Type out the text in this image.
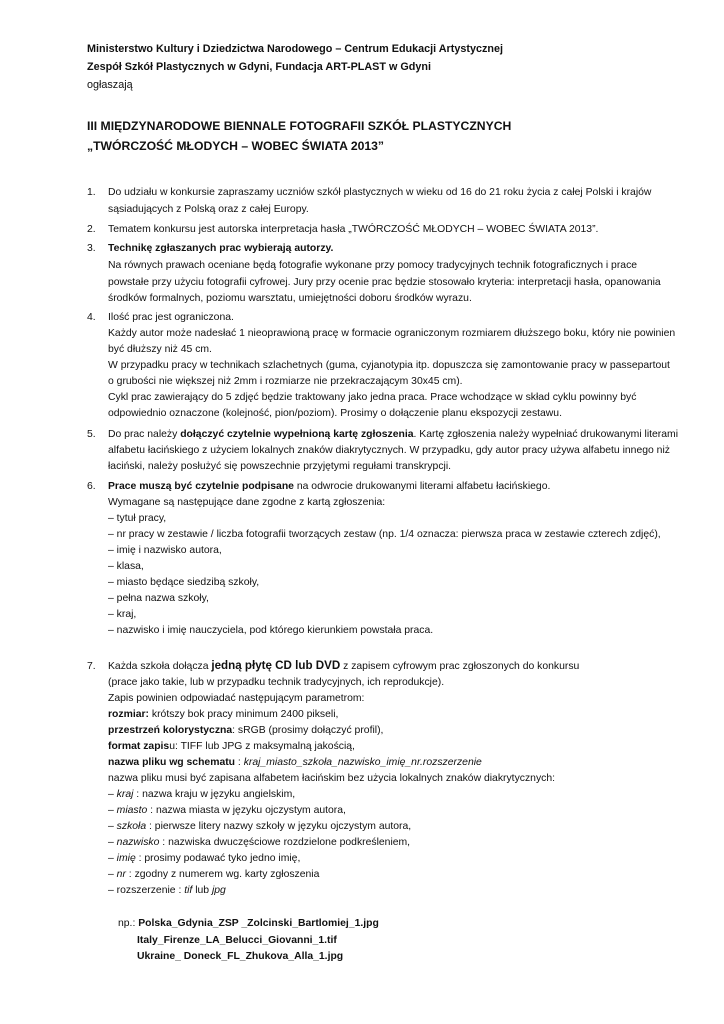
Ministerstwo Kultury i Dziedzictwa Narodowego – Centrum Edukacji Artystycznej
Zespół Szkół Plastycznych w Gdyni, Fundacja ART-PLAST w Gdyni
ogłaszają
III MIĘDZYNARODOWE BIENNALE FOTOGRAFII SZKÓŁ PLASTYCZNYCH
„TWÓRCZOŚĆ MŁODYCH – WOBEC ŚWIATA 2013”
1. Do udziału w konkursie zapraszamy uczniów szkół plastycznych w wieku od 16 do 21 roku życia z całej Polski i krajów
sąsiadujących z Polską oraz z całej Europy.
2. Tematem konkursu jest autorska interpretacja hasła „TWÓRCZOŚĆ MŁODYCH – WOBEC ŚWIATA 2013”.
3. Technikę zgłaszanych prac wybierają autorzy.
Na równych prawach oceniane będą fotografie wykonane przy pomocy tradycyjnych technik fotograficznych i prace
powstałe przy użyciu fotografii cyfrowej. Jury przy ocenie prac będzie stosowało kryteria: interpretacji hasła, opanowania
środków formalnych, poziomu warsztatu, umiejętności doboru środków wyrazu.
4. Ilość prac jest ograniczona.
Każdy autor może nadesłać 1 nieoprawioną pracę w formacie ograniczonym rozmiarem dłuższego boku, który nie powinien
być dłuższy niż 45 cm.
W przypadku pracy w technikach szlachetnych (guma, cyjanotypia itp. dopuszcza się zamontowanie pracy w passepartout
o grubości nie większej niż 2mm i rozmiarze nie przekraczającym 30x45 cm).
Cykl prac zawierający do 5 zdjęć będzie traktowany jako jedna praca. Prace wchodzące w skład cyklu powinny być
odpowiednio oznaczone (kolejność, pion/poziom). Prosimy o dołączenie planu ekspozycji zestawu.
5. Do prac należy dołączyć czytelnie wypełnioną kartę zgłoszenia. Kartę zgłoszenia należy wypełniać drukowanymi literami
alfabetu łacińskiego z użyciem lokalnych znaków diakrytycznych. W przypadku, gdy autor pracy używa alfabetu innego niż
łaciński, należy posłużyć się powszechnie przyjętymi regułami transkrypcji.
6. Prace muszą być czytelnie podpisane na odwrocie drukowanymi literami alfabetu łacińskiego.
Wymagane są następujące dane zgodne z kartą zgłoszenia:
– tytuł pracy,
– nr pracy w zestawie / liczba fotografii tworzących zestaw (np. 1/4 oznacza: pierwsza praca w zestawie czterech zdjęć),
– imię i nazwisko autora,
– klasa,
– miasto będące siedzibą szkoły,
– pełna nazwa szkoły,
– kraj,
– nazwisko i imię nauczyciela, pod którego kierunkiem powstała praca.
7. Każda szkoła dołącza jedną płytę CD lub DVD z zapisem cyfrowym prac zgłoszonych do konkursu
(prace jako takie, lub w przypadku technik tradycyjnych, ich reprodukcje).
Zapis powinien odpowiadać następującym parametrom:
rozmiar: krótszy bok pracy minimum 2400 pikseli,
przestrzeń kolorystyczna: sRGB (prosimy dołączyć profil),
format zapisu: TIFF lub JPG z maksymalną jakością,
nazwa pliku wg schematu : kraj_miasto_szkoła_nazwisko_imię_nr.rozszerzenie
nazwa pliku musi być zapisana alfabetem łacińskim bez użycia lokalnych znaków diakrytycznych:
– kraj : nazwa kraju w języku angielskim,
– miasto : nazwa miasta w języku ojczystym autora,
– szkoła : pierwsze litery nazwy szkoły w języku ojczystym autora,
– nazwisko : nazwiska dwuczęściowe rozdzielone podkreśleniem,
– imię : prosimy podawać tyko jedno imię,
– nr : zgodny z numerem wg. karty zgłoszenia
– rozszerzenie : tif lub jpg
np.: Polska_Gdynia_ZSP _Zolcinski_Bartlomiej_1.jpg
Italy_Firenze_LA_Belucci_Giovanni_1.tif
Ukraine_ Doneck_FL_Zhukova_Alla_1.jpg
